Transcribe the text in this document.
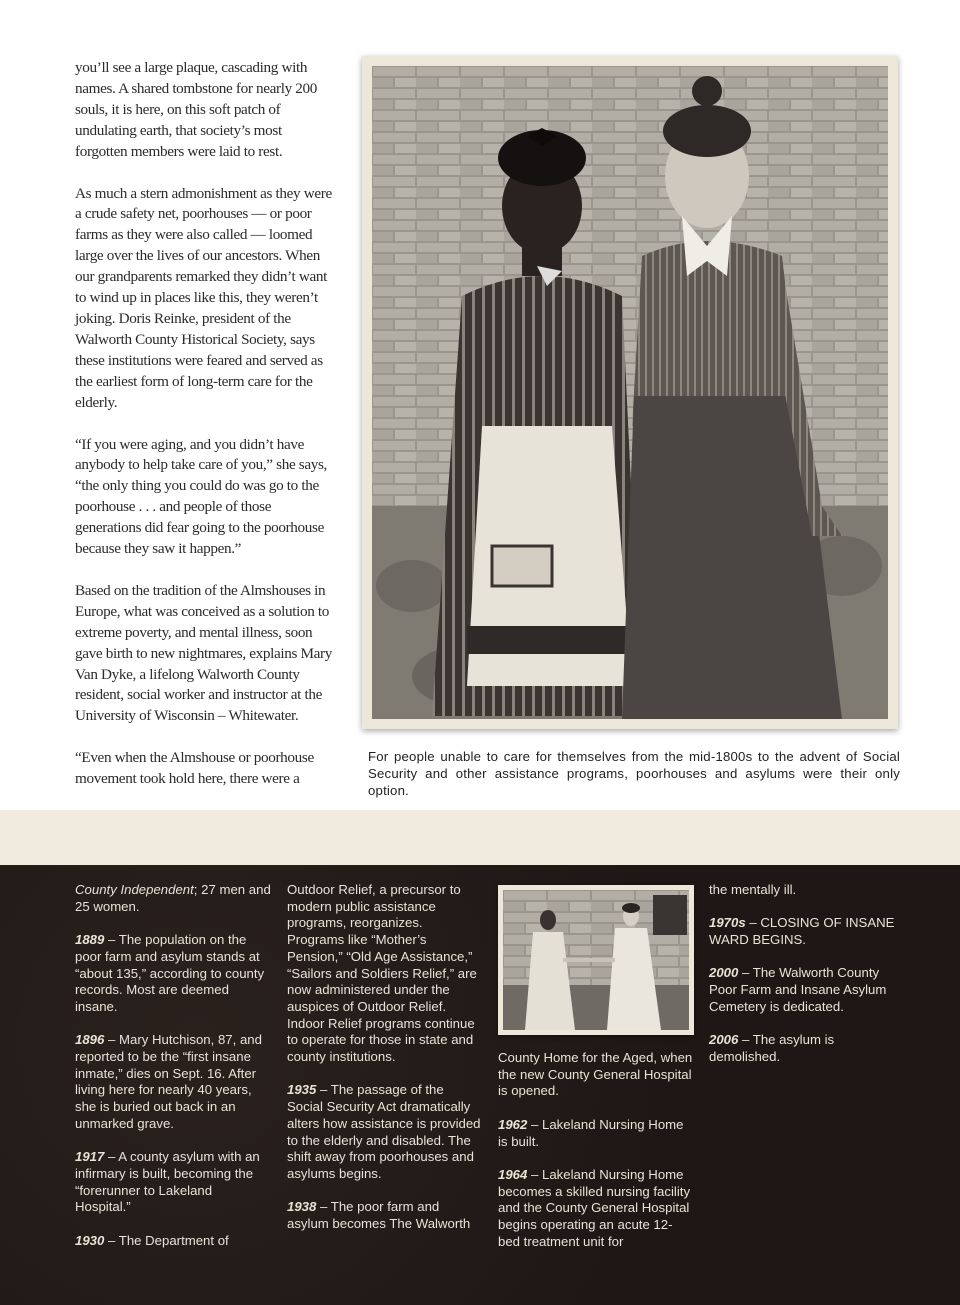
you’ll see a large plaque, cascading with names. A shared tombstone for nearly 200 souls, it is here, on this soft patch of undulating earth, that society’s most forgotten members were laid to rest.

As much a stern admonishment as they were a crude safety net, poorhouses — or poor farms as they were also called — loomed large over the lives of our ancestors. When our grandparents remarked they didn’t want to wind up in places like this, they weren’t joking. Doris Reinke, president of the Walworth County Historical Society, says these institutions were feared and served as the earliest form of long-term care for the elderly.

“If you were aging, and you didn’t have anybody to help take care of you,” she says, “the only thing you could do was go to the poorhouse . . . and people of those generations did fear going to the poorhouse because they saw it happen.”

Based on the tradition of the Almshouses in Europe, what was conceived as a solution to extreme poverty, and mental illness, soon gave birth to new nightmares, explains Mary Van Dyke, a lifelong Walworth County resident, social worker and instructor at the University of Wisconsin – Whitewater.

“Even when the Almshouse or poorhouse movement took hold here, there were a

For people unable to care for themselves from the mid-1800s to the advent of Social Security and other assistance programs, poorhouses and asylums were their only option.

County Independent; 27 men and 25 women.

1889 – The population on the poor farm and asylum stands at “about 135,” according to county records. Most are deemed insane.

1896 – Mary Hutchison, 87, and reported to be the “first insane inmate,” dies on Sept. 16. After living here for nearly 40 years, she is buried out back in an unmarked grave.

1917 – A county asylum with an infirmary is built, becoming the “forerunner to Lakeland Hospital.”

1930 – The Department of

Outdoor Relief, a precursor to modern public assistance programs, reorganizes. Programs like “Mother’s Pension,” “Old Age Assistance,” “Sailors and Soldiers Relief,” are now administered under the auspices of Outdoor Relief. Indoor Relief programs continue to operate for those in state and county institutions.

1935 – The passage of the Social Security Act dramatically alters how assistance is provided to the elderly and disabled. The shift away from poorhouses and asylums begins.

1938 – The poor farm and asylum becomes The Walworth

County Home for the Aged, when the new County General Hospital is opened.

1962 – Lakeland Nursing Home is built.

1964 – Lakeland Nursing Home becomes a skilled nursing facility and the County General Hospital begins operating an acute 12-bed treatment unit for

the mentally ill.

1970s – CLOSING OF INSANE WARD BEGINS.

2000 – The Walworth County Poor Farm and Insane Asylum Cemetery is dedicated.

2006 – The asylum is demolished.
